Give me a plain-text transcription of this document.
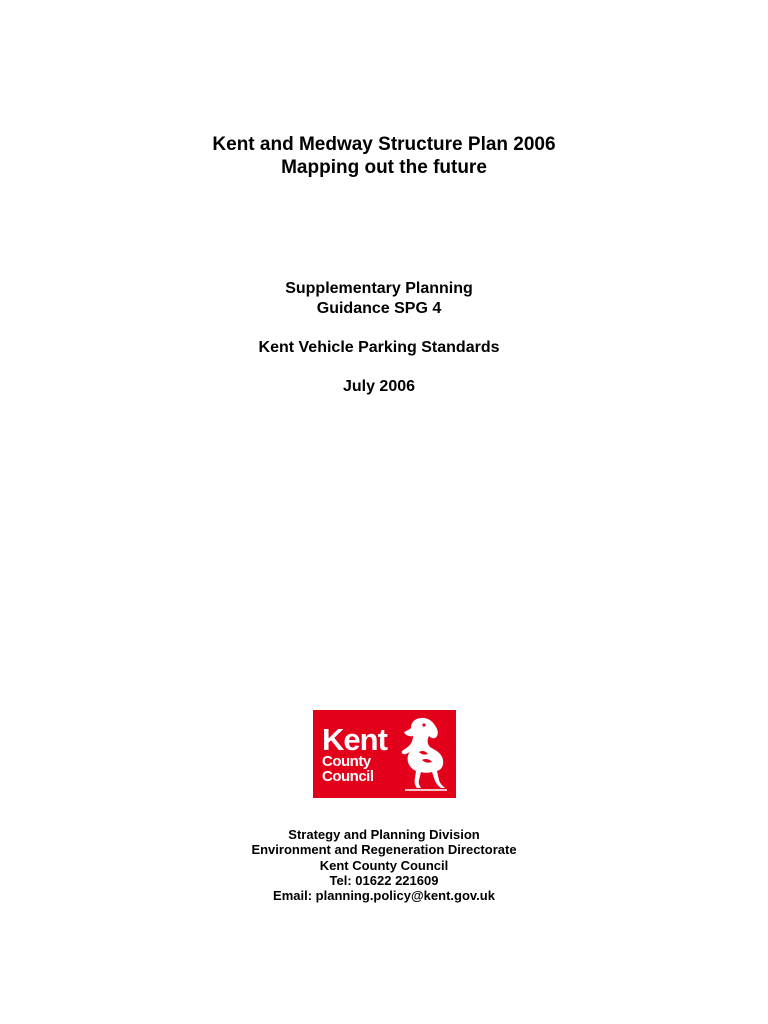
Kent and Medway Structure Plan 2006
Mapping out the future
Supplementary Planning
Guidance SPG 4
Kent Vehicle Parking Standards
July 2006
Kent
County
Council
Strategy and Planning Division
Environment and Regeneration Directorate
Kent County Council
Tel: 01622 221609
Email: planning.policy@kent.gov.uk
